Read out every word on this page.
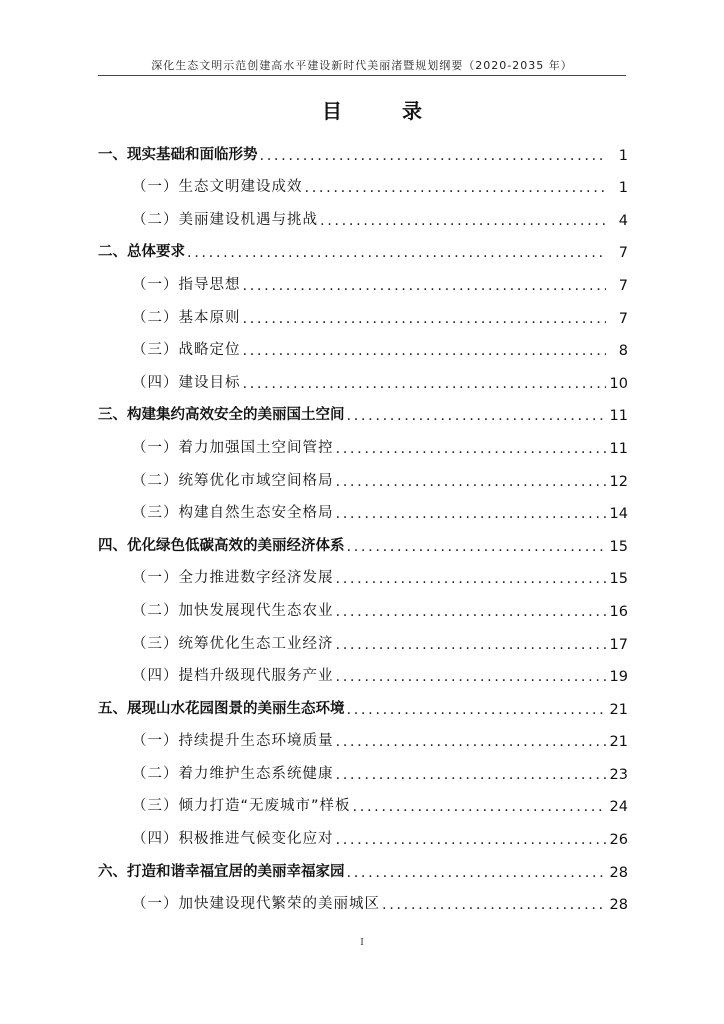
深化生态文明示范创建高水平建设新时代美丽渚暨规划纲要（2020-2035 年）
目　录
一、现实基础和面临形势 . . .	1
（一）生态文明建设成效 . . .	1
（二）美丽建设机遇与挑战 . . .	4
二、总体要求 . . .	7
（一）指导思想 . . .	7
（二）基本原则 . . .	7
（三）战略定位 . . .	8
（四）建设目标 . . .	10
三、构建集约高效安全的美丽国土空间 . . .	11
（一）着力加强国土空间管控 . . .	11
（二）统筹优化市域空间格局 . . .	12
（三）构建自然生态安全格局 . . .	14
四、优化绿色低碳高效的美丽经济体系 . . .	15
（一）全力推进数字经济发展 . . .	15
（二）加快发展现代生态农业 . . .	16
（三）统筹优化生态工业经济 . . .	17
（四）提档升级现代服务产业 . . .	19
五、展现山水花园图景的美丽生态环境 . . .	21
（一）持续提升生态环境质量 . . .	21
（二）着力维护生态系统健康 . . .	23
（三）倾力打造“无废城市”样板 . . .	24
（四）积极推进气候变化应对 . . .	26
六、打造和谐幸福宜居的美丽幸福家园 . . .	28
（一）加快建设现代繁荣的美丽城区 . . .	28
I
